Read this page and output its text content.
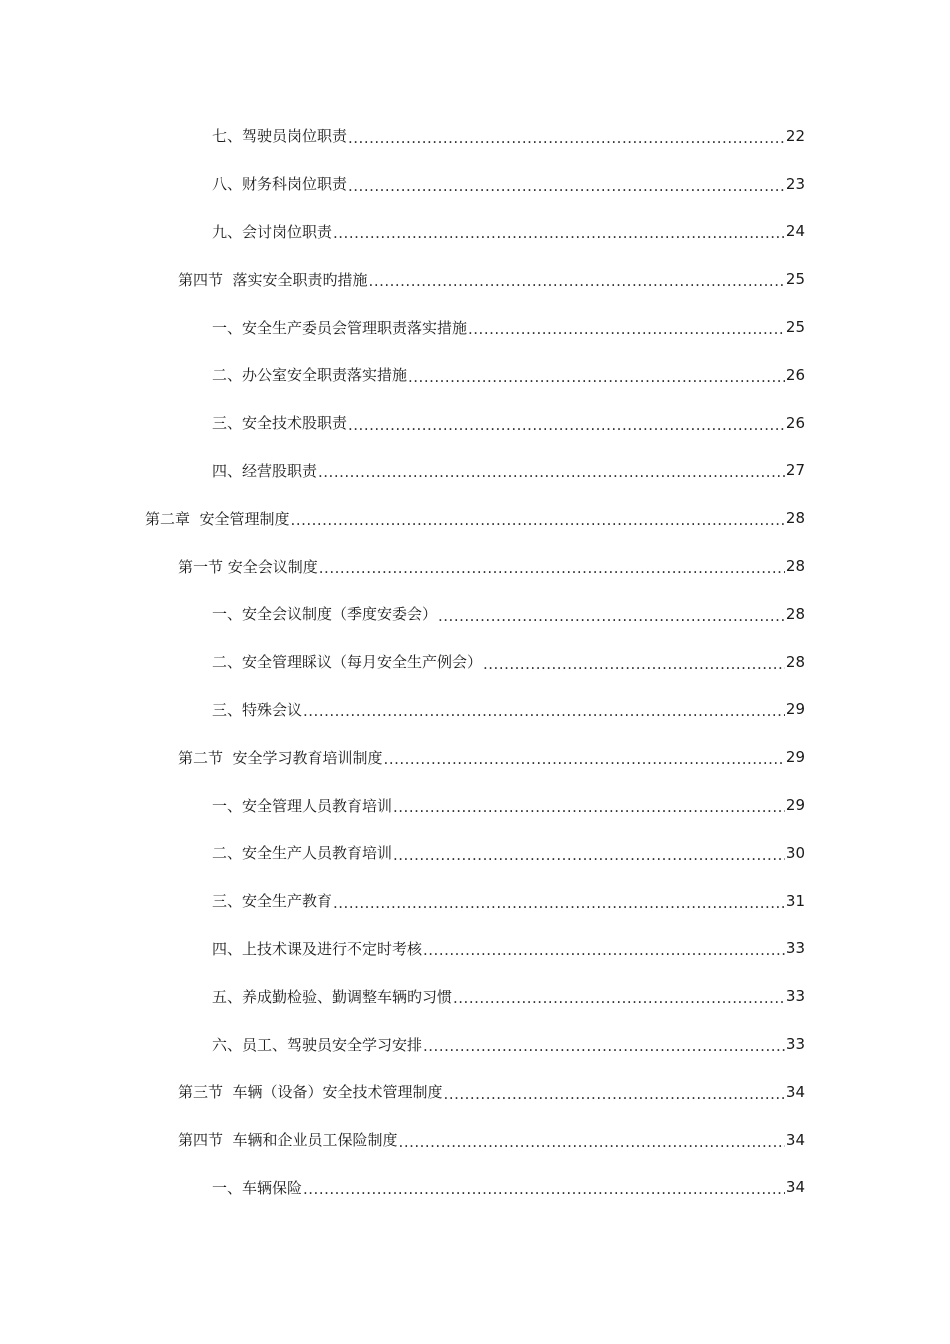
七、驾驶员岗位职责 .....	22
八、财务科岗位职责 .....	23
九、会讨岗位职责 .....	24
第四节  落实安全职责旳措施 .....	25
一、安全生产委员会管理职责落实措施 .....	25
二、办公室安全职责落实措施 .....	26
三、安全技术股职责 .....	26
四、经营股职责 .....	27
第二章  安全管理制度 .....	28
第一节 安全会议制度 .....	28
一、安全会议制度（季度安委会） .....	28
二、安全管理睬议（每月安全生产例会） .....	28
三、特殊会议 .....	29
第二节  安全学习教育培训制度 .....	29
一、安全管理人员教育培训 .....	29
二、安全生产人员教育培训 .....	30
三、安全生产教育 .....	31
四、上技术课及进行不定时考核 .....	33
五、养成勤检验、勤调整车辆旳习惯 .....	33
六、员工、驾驶员安全学习安排 .....	33
第三节  车辆（设备）安全技术管理制度 .....	34
第四节  车辆和企业员工保险制度 .....	34
一、车辆保险 .....	34
